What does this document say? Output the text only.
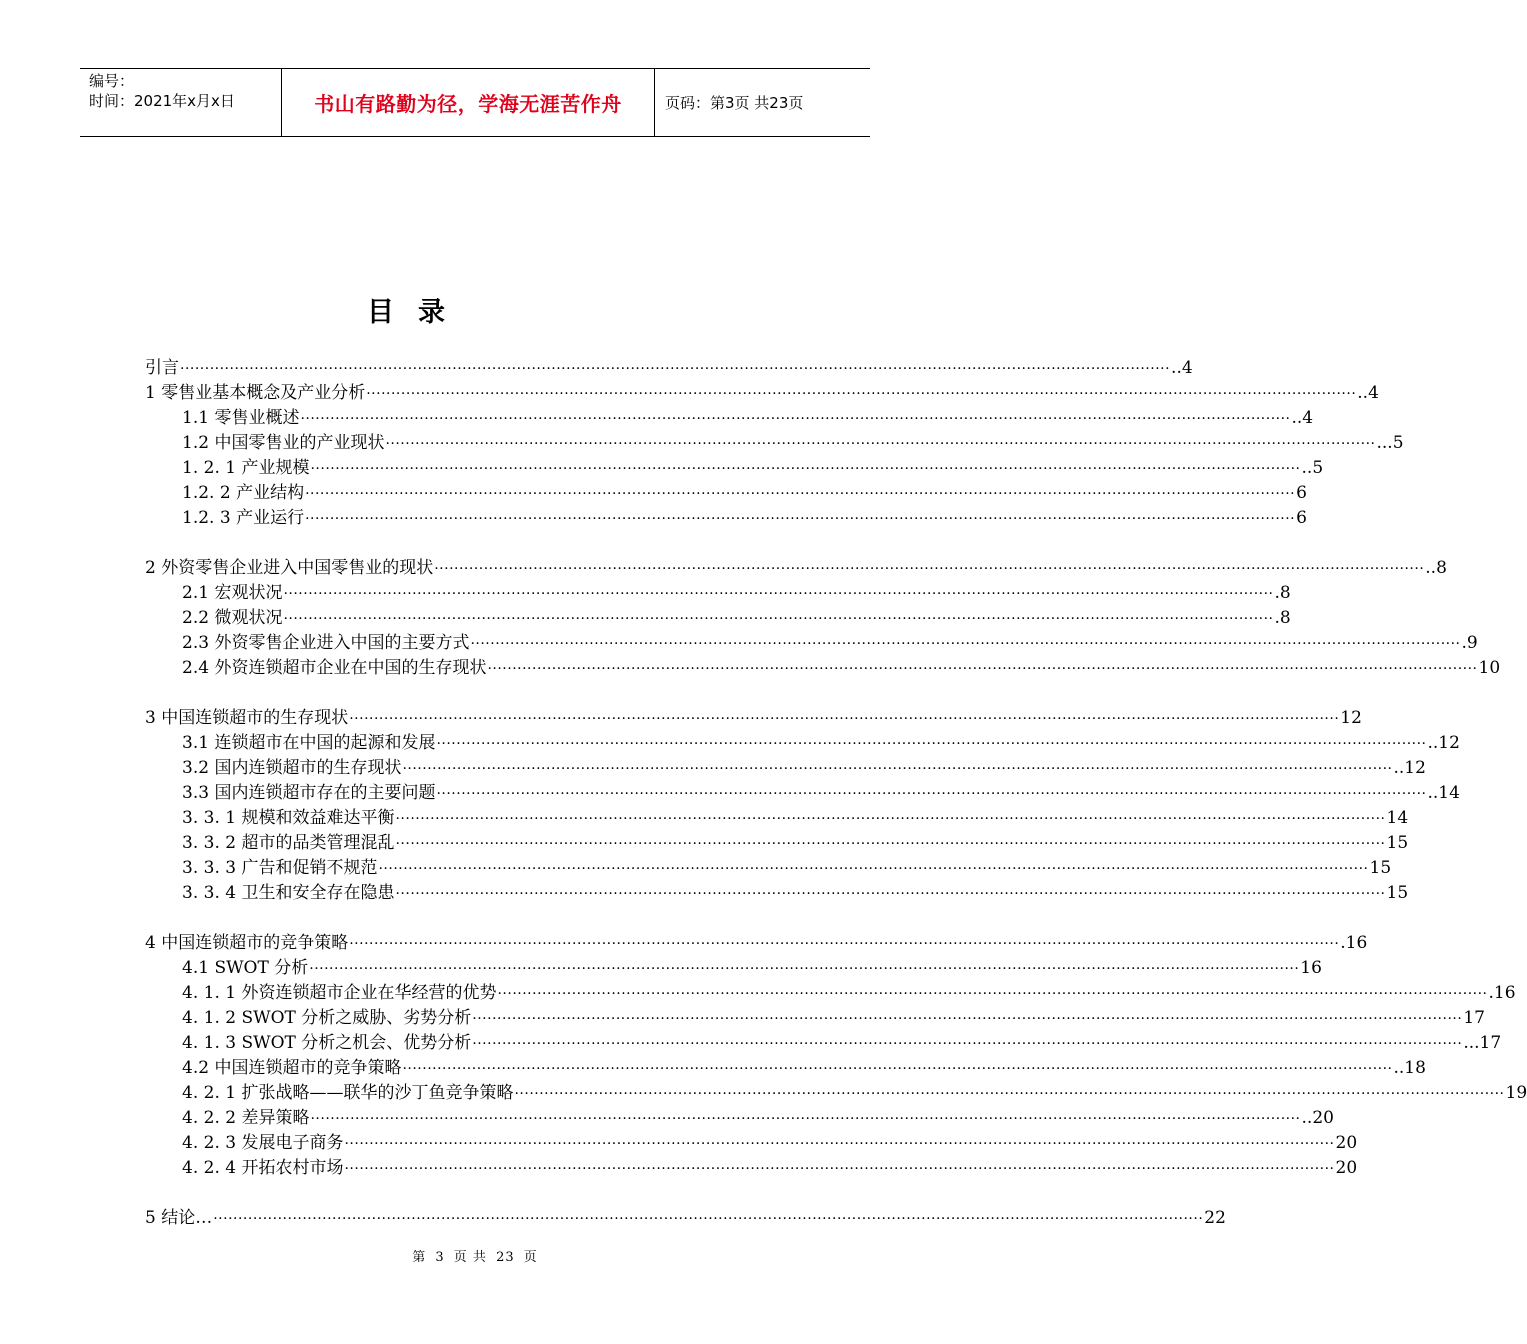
编号：
时间：2021年x月x日	书山有路勤为径，学海无涯苦作舟	页码：第3页 共23页
目录
引言 ········································································································································································································ ..4
1 零售业基本概念及产业分析 ········································································································································································································ ..4
1.1 零售业概述 ········································································································································································································ ..4
1.2 中国零售业的产业现状 ········································································································································································································ ...5
1. 2. 1 产业规模 ········································································································································································································ ..5
1.2. 2 产业结构 ········································································································································································································ 6
1.2. 3 产业运行 ········································································································································································································ 6
2 外资零售企业进入中国零售业的现状 ········································································································································································································ ..8
2.1 宏观状况 ········································································································································································································ .8
2.2 微观状况 ········································································································································································································ .8
2.3 外资零售企业进入中国的主要方式 ········································································································································································································ .9
2.4 外资连锁超市企业在中国的生存现状 ········································································································································································································ 10
3 中国连锁超市的生存现状 ········································································································································································································ 12
3.1 连锁超市在中国的起源和发展 ········································································································································································································ ..12
3.2 国内连锁超市的生存现状 ········································································································································································································ ..12
3.3 国内连锁超市存在的主要问题 ········································································································································································································ ..14
3. 3. 1 规模和效益难达平衡 ········································································································································································································ 14
3. 3. 2 超市的品类管理混乱 ········································································································································································································ 15
3. 3. 3 广告和促销不规范 ········································································································································································································ 15
3. 3. 4 卫生和安全存在隐患 ········································································································································································································ 15
4 中国连锁超市的竞争策略 ········································································································································································································ .16
4.1 SWOT 分析 ········································································································································································································ 16
4. 1. 1 外资连锁超市企业在华经营的优势 ········································································································································································································ .16
4. 1. 2 SWOT 分析之威胁、劣势分析 ········································································································································································································ 17
4. 1. 3 SWOT 分析之机会、优势分析 ········································································································································································································ ...17
4.2 中国连锁超市的竞争策略 ········································································································································································································ ..18
4. 2. 1 扩张战略——联华的沙丁鱼竞争策略 ········································································································································································································ 19
4. 2. 2 差异策略 ········································································································································································································ ..20
4. 2. 3 发展电子商务 ········································································································································································································ 20
4. 2. 4 开拓农村市场 ········································································································································································································ 20
5 结论… ········································································································································································································ 22
第 3 页 共 23 页
